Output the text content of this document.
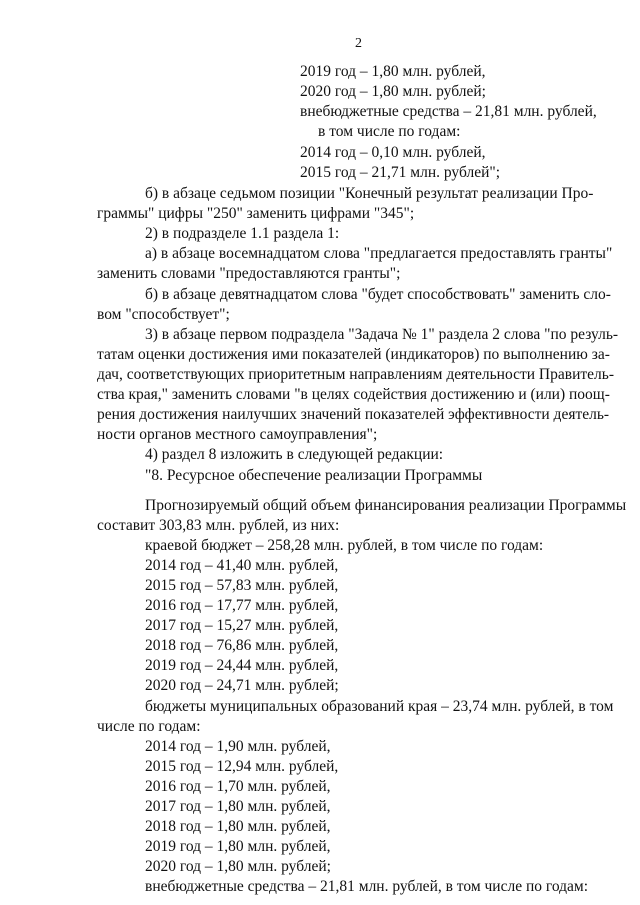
2
2019 год – 1,80 млн. рублей,
2020 год – 1,80 млн. рублей;
внебюджетные средства – 21,81 млн. рублей,
в том числе по годам:
2014 год – 0,10 млн. рублей,
2015 год – 21,71 млн. рублей";
б) в абзаце седьмом позиции "Конечный результат реализации Про-
граммы" цифры "250" заменить цифрами "345";
2) в подразделе 1.1 раздела 1:
а) в абзаце восемнадцатом слова "предлагается предоставлять гранты"
заменить словами "предоставляются гранты";
б) в абзаце девятнадцатом слова "будет способствовать" заменить сло-
вом "способствует";
3) в абзаце первом подраздела "Задача № 1" раздела 2 слова "по резуль-
татам оценки достижения ими показателей (индикаторов) по выполнению за-
дач, соответствующих приоритетным направлениям деятельности Правитель-
ства края," заменить словами "в целях содействия достижению и (или) поощ-
рения достижения наилучших значений показателей эффективности деятель-
ности органов местного самоуправления";
4) раздел 8 изложить в следующей редакции:
"8. Ресурсное обеспечение реализации Программы
Прогнозируемый общий объем финансирования реализации Программы
составит 303,83 млн. рублей, из них:
краевой бюджет – 258,28 млн. рублей, в том числе по годам:
2014 год – 41,40 млн. рублей,
2015 год – 57,83 млн. рублей,
2016 год – 17,77 млн. рублей,
2017 год – 15,27 млн. рублей,
2018 год – 76,86 млн. рублей,
2019 год – 24,44 млн. рублей,
2020 год – 24,71 млн. рублей;
бюджеты муниципальных образований края – 23,74 млн. рублей, в том
числе по годам:
2014 год – 1,90 млн. рублей,
2015 год – 12,94 млн. рублей,
2016 год – 1,70 млн. рублей,
2017 год – 1,80 млн. рублей,
2018 год – 1,80 млн. рублей,
2019 год – 1,80 млн. рублей,
2020 год – 1,80 млн. рублей;
внебюджетные средства – 21,81 млн. рублей, в том числе по годам:
